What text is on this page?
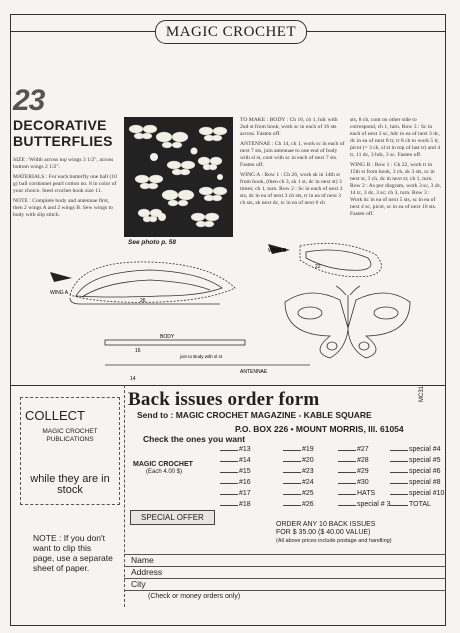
MAGIC CROCHET
23
DECORATIVE
BUTTERFLIES

SIZE : Width across top wings 3 1/2", across bottom wings 2 1/2".

MATERIALS : For each butterfly one ball (10 g) ball cordonnet pearl cotton no. 8 in color of your choice. Steel crochet hook size 11.

NOTE : Complete body and antennae first, then 2 wings A and 2 wings B. Sew wings to body with slip stitch.

See photo p. 58

TO MAKE : BODY : Ch 16, ch 1, hdc with 2nd st from hook, work sc in each of 16 sts across. Fasten off.

ANTENNAE : Ch 14, ch 1, work sc in each of next 7 sts, join antennae to one end of body with sl st, cont with sc in each of next 7 sts. Fasten off.

WING A : Row 1 : Ch 26, work sk in 14th st from hook, (then ch 3, sk 1 st, dc in next st) 3 times; ch 1, turn. Row 2 : Sc in each of next 3 sts, dc in ea of next 3 ch sts, tr in ea of next 3 ch sts, sk next dc, tc in ea of next 6 ch

sts, 8 ch, cont on other side to correspond, ch 1, turn. Row 3 : Sc in each of next 3 sc, hdc in ea of next 3 dc, dc in ea of next 8 tr, tr 8 ch to work 5 tr, picot (= 3 ch, sl st in top of last tr) and 4 tr, 11 dc, 3 hdc, 3 sc. Fasten off.

WING B : Row 1 : Ch 22, work tr in 15th st from hook, 3 ch, sk 3 sts, sc in next st, 3 ch, dc in next st; ch 1, turn. Row 2 : As per diagram, work 3 sc, 3 dc, 14 tc, 3 dc, 3 sc; ch 3, turn. Row 3 : Work dc in ea of next 5 sts, sc in ea of next 4 sc, picot, sc in ea of next 16 sts. Fasten off.

WING A
WING B
BODY
ANTENNAE
join to Body with sl st
16
14
26
22
COLLECT
MAGIC CROCHET PUBLICATIONS
while they are in stock
NOTE : If you don't want to clip this page, use a separate sheet of paper.
Back issues order form	MC31
Send to : MAGIC CROCHET MAGAZINE - KABLE SQUARE
P.O. BOX 226 • MOUNT MORRIS, Ill. 61054
Check the ones you want
MAGIC CROCHET
(Each 4.00 $)
#13	#19	#27	special #4
#14	#20	#28	special #5
#15	#23	#29	special #6
#16	#24	#30	special #8
#17	#25	HATS	special #10
#18	#26	special # 3	TOTAL
SPECIAL OFFER
ORDER ANY 10 BACK ISSUES
FOR $ 35.00 ($ 40.00 VALUE)
(All above prices include postage and handling)
Name
Address
City
(Check or money orders only)
